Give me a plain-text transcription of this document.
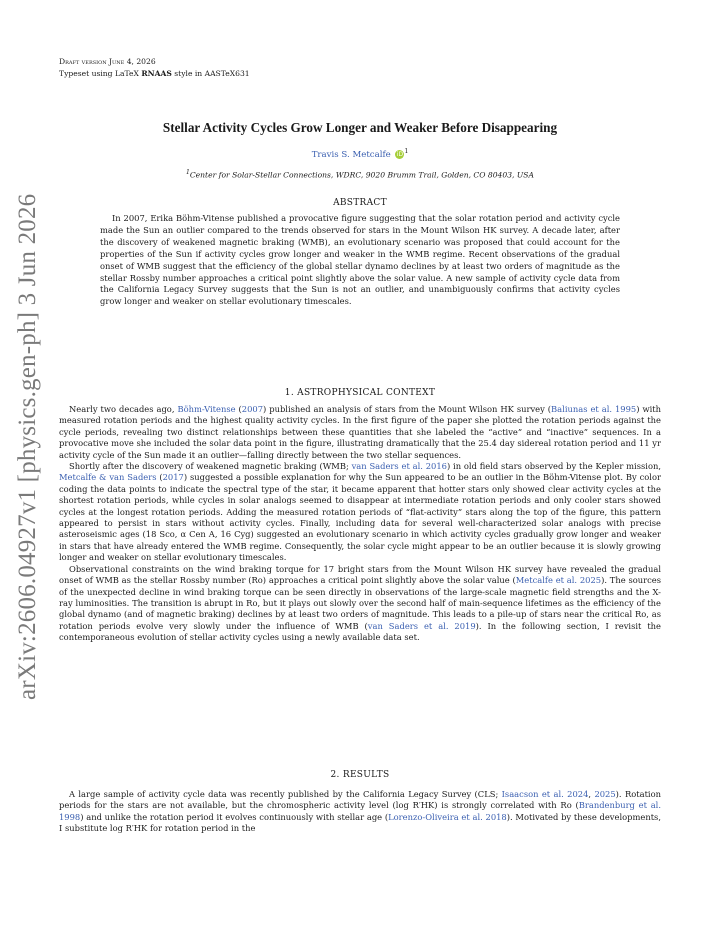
arXiv:2606.04927v1 [physics.gen-ph] 3 Jun 2026
Draft version June 4, 2026
Typeset using LaTeX RNAAS style in AASTeX631
Stellar Activity Cycles Grow Longer and Weaker Before Disappearing
Travis S. Metcalfe $iD^1$
$^1$Center for Solar-Stellar Connections, WDRC, 9020 Brumm Trail, Golden, CO 80403, USA
ABSTRACT

In 2007, Erika Böhm-Vitense published a provocative figure suggesting that the solar rotation period and activity cycle made the Sun an outlier compared to the trends observed for stars in the Mount Wilson HK survey. A decade later, after the discovery of weakened magnetic braking (WMB), an evolutionary scenario was proposed that could account for the properties of the Sun if activity cycles grow longer and weaker in the WMB regime. Recent observations of the gradual onset of WMB suggest that the efficiency of the global stellar dynamo declines by at least two orders of magnitude as the stellar Rossby number approaches a critical point slightly above the solar value. A new sample of activity cycle data from the California Legacy Survey suggests that the Sun is not an outlier, and unambiguously confirms that activity cycles grow longer and weaker on stellar evolutionary timescales.

1. ASTROPHYSICAL CONTEXT

Nearly two decades ago, Böhm-Vitense (2007) published an analysis of stars from the Mount Wilson HK survey (Baliunas et al. 1995) with measured rotation periods and the highest quality activity cycles. In the first figure of the paper she plotted the rotation periods against the cycle periods, revealing two distinct relationships between these quantities that she labeled the “active” and “inactive” sequences. In a provocative move she included the solar data point in the figure, illustrating dramatically that the 25.4 day sidereal rotation period and 11 yr activity cycle of the Sun made it an outlier—falling directly between the two stellar sequences.

Shortly after the discovery of weakened magnetic braking (WMB; van Saders et al. 2016) in old field stars observed by the Kepler mission, Metcalfe & van Saders (2017) suggested a possible explanation for why the Sun appeared to be an outlier in the Böhm-Vitense plot. By color coding the data points to indicate the spectral type of the star, it became apparent that hotter stars only showed clear activity cycles at the shortest rotation periods, while cycles in solar analogs seemed to disappear at intermediate rotation periods and only cooler stars showed cycles at the longest rotation periods. Adding the measured rotation periods of “flat-activity” stars along the top of the figure, this pattern appeared to persist in stars without activity cycles. Finally, including data for several well-characterized solar analogs with precise asteroseismic ages (18 Sco, α Cen A, 16 Cyg) suggested an evolutionary scenario in which activity cycles gradually grow longer and weaker in stars that have already entered the WMB regime. Consequently, the solar cycle might appear to be an outlier because it is slowly growing longer and weaker on stellar evolutionary timescales.

Observational constraints on the wind braking torque for 17 bright stars from the Mount Wilson HK survey have revealed the gradual onset of WMB as the stellar Rossby number (Ro) approaches a critical point slightly above the solar value (Metcalfe et al. 2025). The sources of the unexpected decline in wind braking torque can be seen directly in observations of the large-scale magnetic field strengths and the X-ray luminosities. The transition is abrupt in Ro, but it plays out slowly over the second half of main-sequence lifetimes as the efficiency of the global dynamo (and of magnetic braking) declines by at least two orders of magnitude. This leads to a pile-up of stars near the critical Ro, as rotation periods evolve very slowly under the influence of WMB (van Saders et al. 2019). In the following section, I revisit the contemporaneous evolution of stellar activity cycles using a newly available data set.

2. RESULTS

A large sample of activity cycle data was recently published by the California Legacy Survey (CLS; Isaacson et al. 2024, 2025). Rotation periods for the stars are not available, but the chromospheric activity level (log R′HK) is strongly correlated with Ro (Brandenburg et al. 1998) and unlike the rotation period it evolves continuously with stellar age (Lorenzo-Oliveira et al. 2018). Motivated by these developments, I substitute log R′HK for rotation period in the
